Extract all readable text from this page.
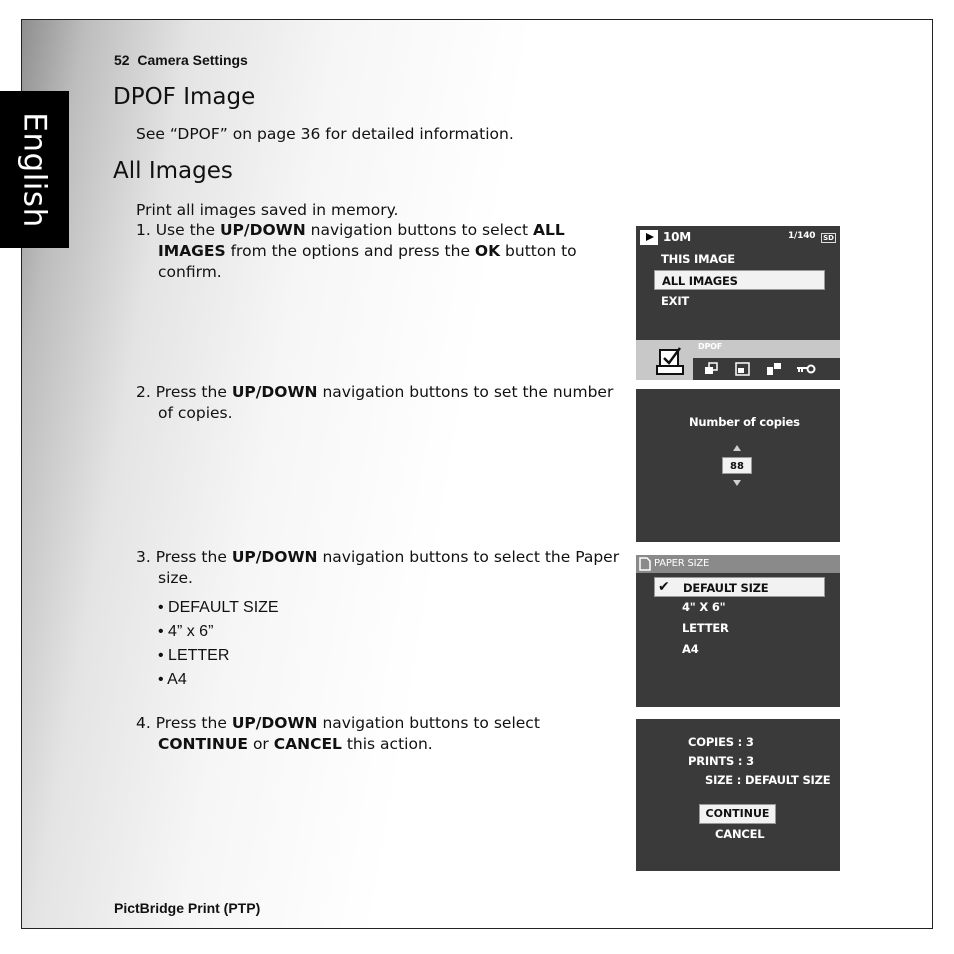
English
52 Camera Settings
DPOF Image
See “DPOF” on page 36 for detailed information.
All Images
Print all images saved in memory.
1. Use the UP/DOWN navigation buttons to select ALL
IMAGES from the options and press the OK button to
confirm.
2. Press the UP/DOWN navigation buttons to set the number
of copies.
3. Press the UP/DOWN navigation buttons to select the Paper
size.
• DEFAULT SIZE
• 4” x 6”
• LETTER
• A4
4. Press the UP/DOWN navigation buttons to select
CONTINUE or CANCEL this action.
10M	1/140 SD
THIS IMAGE
ALL IMAGES
EXIT
DPOF
Number of copies
88
PAPER SIZE
✔ DEFAULT SIZE
4" X 6"
LETTER
A4
COPIES : 3
PRINTS : 3
SIZE : DEFAULT SIZE
CONTINUE
CANCEL
PictBridge Print (PTP)
